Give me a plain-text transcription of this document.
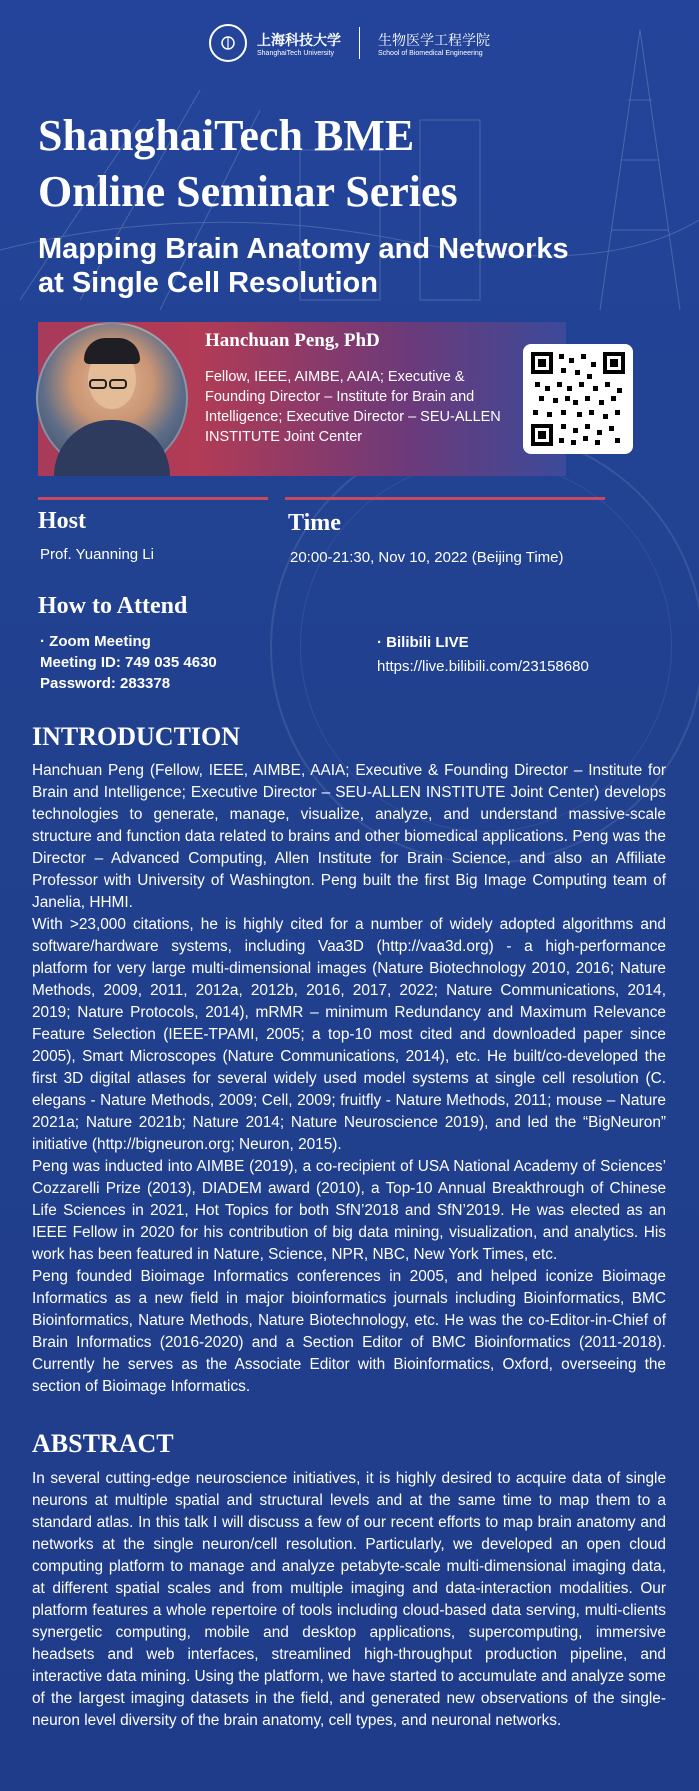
上海科技大学
ShanghaiTech University
生物医学工程学院
School of Biomedical Engineering
ShanghaiTech BME
Online Seminar Series
Mapping Brain Anatomy and Networks
at Single Cell Resolution
Hanchuan Peng, PhD
Fellow, IEEE, AIMBE, AAIA; Executive & Founding Director – Institute for Brain and Intelligence; Executive Director – SEU-ALLEN INSTITUTE Joint Center
Host
Prof. Yuanning Li
Time
20:00-21:30, Nov 10, 2022 (Beijing Time)
How to Attend
· Zoom Meeting
Meeting ID: 749 035 4630
Password: 283378
· Bilibili LIVE
https://live.bilibili.com/23158680
INTRODUCTION

Hanchuan Peng (Fellow, IEEE, AIMBE, AAIA; Executive & Founding Director – Institute for Brain and Intelligence; Executive Director – SEU-ALLEN INSTITUTE Joint Center) develops technologies to generate, manage, visualize, analyze, and understand massive-scale structure and function data related to brains and other biomedical applications. Peng was the Director – Advanced Computing, Allen Institute for Brain Science, and also an Affiliate Professor with University of Washington. Peng built the first Big Image Computing team of Janelia, HHMI.

With >23,000 citations, he is highly cited for a number of widely adopted algorithms and software/hardware systems, including Vaa3D (http://vaa3d.org) - a high-performance platform for very large multi-dimensional images (Nature Biotechnology 2010, 2016; Nature Methods, 2009, 2011, 2012a, 2012b, 2016, 2017, 2022; Nature Communications, 2014, 2019; Nature Protocols, 2014), mRMR – minimum Redundancy and Maximum Relevance Feature Selection (IEEE-TPAMI, 2005; a top-10 most cited and downloaded paper since 2005), Smart Microscopes (Nature Communications, 2014), etc. He built/co-developed the first 3D digital atlases for several widely used model systems at single cell resolution (C. elegans - Nature Methods, 2009; Cell, 2009; fruitfly - Nature Methods, 2011; mouse – Nature 2021a; Nature 2021b; Nature 2014; Nature Neuroscience 2019), and led the “BigNeuron” initiative (http://bigneuron.org; Neuron, 2015).

Peng was inducted into AIMBE (2019), a co-recipient of USA National Academy of Sciences’ Cozzarelli Prize (2013), DIADEM award (2010), a Top-10 Annual Breakthrough of Chinese Life Sciences in 2021, Hot Topics for both SfN’2018 and SfN’2019. He was elected as an IEEE Fellow in 2020 for his contribution of big data mining, visualization, and analytics. His work has been featured in Nature, Science, NPR, NBC, New York Times, etc.

Peng founded Bioimage Informatics conferences in 2005, and helped iconize Bioimage Informatics as a new field in major bioinformatics journals including Bioinformatics, BMC Bioinformatics, Nature Methods, Nature Biotechnology, etc. He was the co-Editor-in-Chief of Brain Informatics (2016-2020) and a Section Editor of BMC Bioinformatics (2011-2018). Currently he serves as the Associate Editor with Bioinformatics, Oxford, overseeing the section of Bioimage Informatics.

ABSTRACT
In several cutting-edge neuroscience initiatives, it is highly desired to acquire data of single neurons at multiple spatial and structural levels and at the same time to map them to a standard atlas. In this talk I will discuss a few of our recent efforts to map brain anatomy and networks at the single neuron/cell resolution. Particularly, we developed an open cloud computing platform to manage and analyze petabyte-scale multi-dimensional imaging data, at different spatial scales and from multiple imaging and data-interaction modalities. Our platform features a whole repertoire of tools including cloud-based data serving, multi-clients synergetic computing, mobile and desktop applications, supercomputing, immersive headsets and web interfaces, streamlined high-throughput production pipeline, and interactive data mining. Using the platform, we have started to accumulate and analyze some of the largest imaging datasets in the field, and generated new observations of the single-neuron level diversity of the brain anatomy, cell types, and neuronal networks.
